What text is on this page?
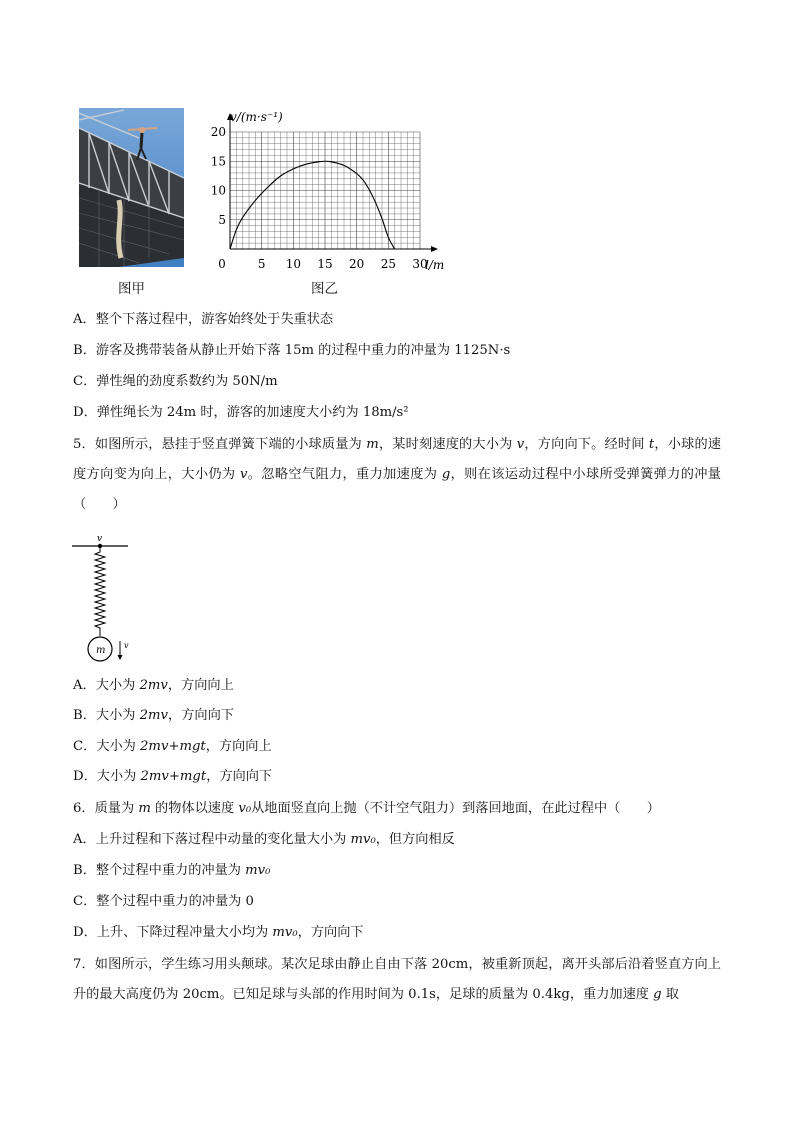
图甲
0	5 10 15 20 25 30
5
10
15
20
v/(m·s⁻¹)
l/m
图乙
A．整个下落过程中，游客始终处于失重状态
B．游客及携带装备从静止开始下落 15m 的过程中重力的冲量为 1125N·s
C．弹性绳的劲度系数约为 50N/m
D．弹性绳长为 24m 时，游客的加速度大小约为 18m/s²
5．如图所示，悬挂于竖直弹簧下端的小球质量为 m，某时刻速度的大小为 v，方向向下。经时间 t，小球的速度方向变为向上，大小仍为 v。忽略空气阻力，重力加速度为 g，则在该运动过程中小球所受弹簧弹力的冲量（　　）
v
m v
A．大小为 2mv，方向向上
B．大小为 2mv，方向向下
C．大小为 2mv+mgt，方向向上
D．大小为 2mv+mgt，方向向下
6．质量为 m 的物体以速度 v₀从地面竖直向上抛（不计空气阻力）到落回地面，在此过程中（　　）
A．上升过程和下落过程中动量的变化量大小为 mv₀，但方向相反
B．整个过程中重力的冲量为 mv₀
C．整个过程中重力的冲量为 0
D．上升、下降过程冲量大小均为 mv₀，方向向下
7．如图所示，学生练习用头颠球。某次足球由静止自由下落 20cm，被重新顶起，离开头部后沿着竖直方向上升的最大高度仍为 20cm。已知足球与头部的作用时间为 0.1s，足球的质量为 0.4kg，重力加速度 g 取
